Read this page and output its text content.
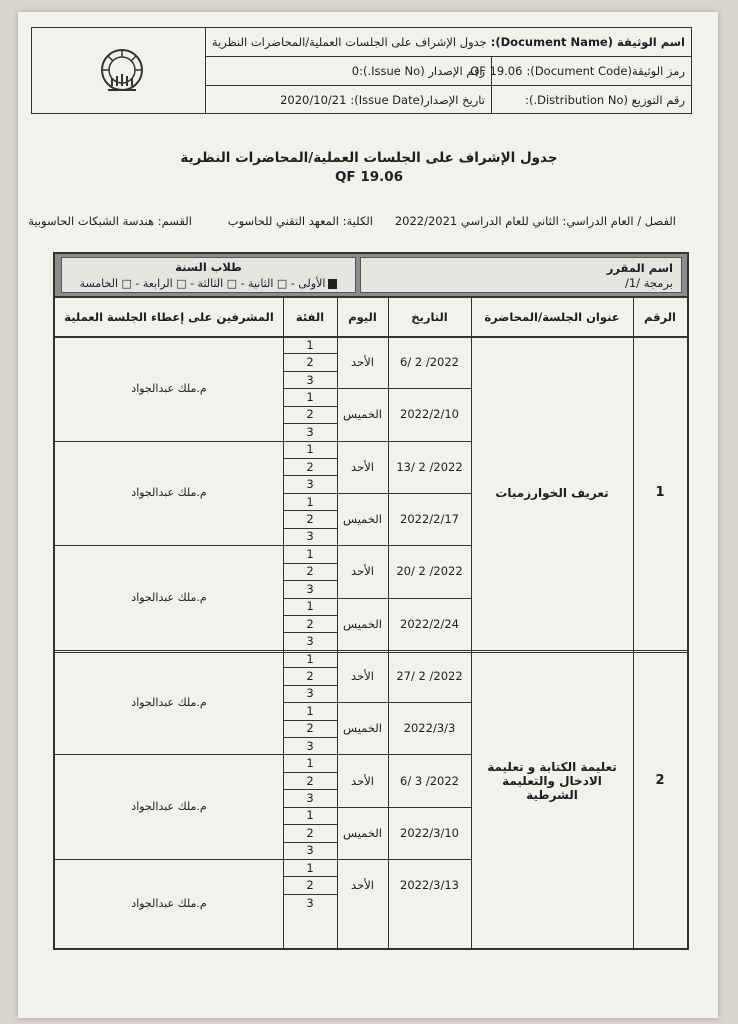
اسم الوثيقة (Document Name):
جدول الإشراف على الجلسات العملية/المحاضرات النظرية
رمز الوثيقة(Document Code):
QF 19.06
رقم الإصدار (Issue No.):
0
رقم التوزيع (Distribution No.):
تاريخ الإصدار(Issue Date):
2020/10/21
جدول الإشراف على الجلسات العملية/المحاضرات النظرية
QF 19.06
الفصل / العام الدراسي: الثاني للعام الدراسي 2022/2021
الكلية: المعهد التقني للحاسوب
القسم: هندسة الشبكات الحاسوبية
طلاب السنة
الأولى - □ الثانية - □ الثالثة - □ الرابعة - □ الخامسة
اسم المقرر
برمجة /1/
الرقم
عنوان الجلسة/المحاضرة
التاريخ
اليوم
الفئة
المشرفين على إعطاء الجلسة العملية
2022/ 2 /6
الأحد
1
2
3
2022/2/10
الخميس
1
2
3
2022/ 2 /13
الأحد
1
2
3
2022/2/17
الخميس
1
2
3
2022/ 2 /20
الأحد
1
2
3
2022/2/24
الخميس
1
2
3
2022/ 2 /27
الأحد
1
2
3
2022/3/3
الخميس
1
2
3
2022/ 3 /6
الأحد
1
2
3
2022/3/10
الخميس
1
2
3
2022/3/13
الأحد
1
2
3
م.ملك عبدالجواد
م.ملك عبدالجواد
م.ملك عبدالجواد
م.ملك عبدالجواد
م.ملك عبدالجواد
م.ملك عبدالجواد
تعريف الخوارزميات	1
تعليمة الكتابة و تعليمة الادخال والتعليمة الشرطية
2
